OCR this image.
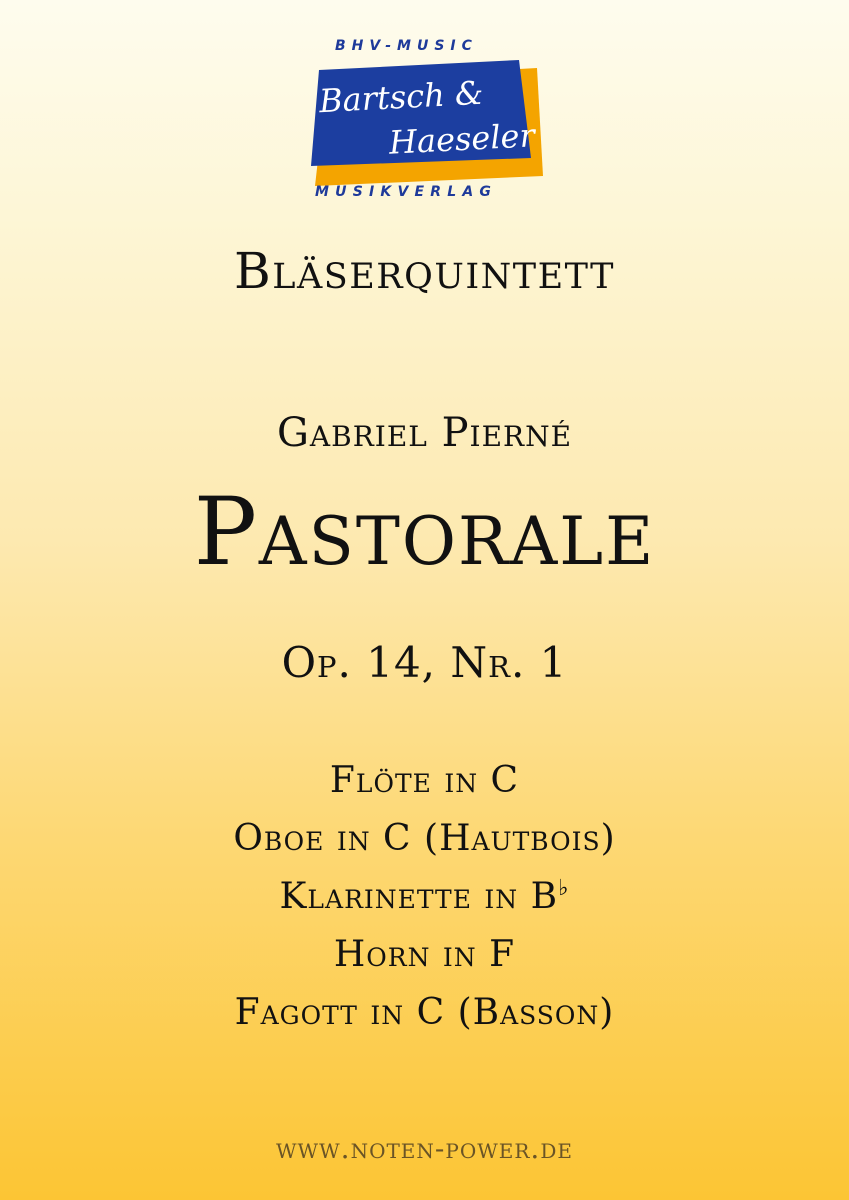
BHV-MUSIC
Bartsch &
Haeseler
MUSIKVERLAG
Bläserquintett
Gabriel Pierné
Pastorale
Op. 14, Nr. 1
Flöte in C
Oboe in C (Hautbois)
Klarinette in B♭
Horn in F
Fagott in C (Basson)
www.noten-power.de
